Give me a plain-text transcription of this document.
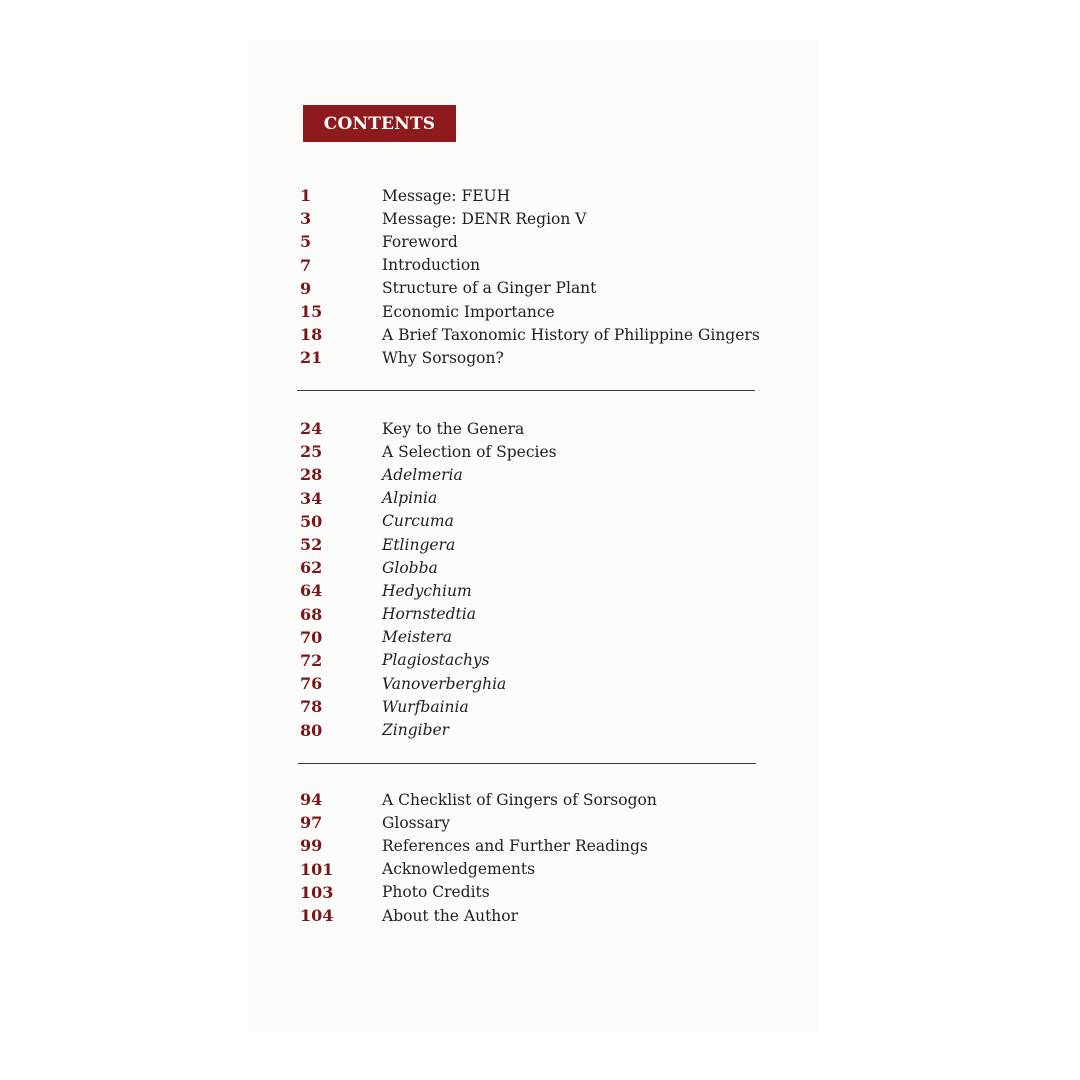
CONTENTS
1	Message: FEUH
3	Message: DENR Region V
5	Foreword
7	Introduction
9	Structure of a Ginger Plant
15	Economic Importance
18	A Brief Taxonomic History of Philippine Gingers
21	Why Sorsogon?
24	Key to the Genera
25	A Selection of Species
28	Adelmeria
34	Alpinia
50	Curcuma
52	Etlingera
62	Globba
64	Hedychium
68	Hornstedtia
70	Meistera
72	Plagiostachys
76	Vanoverberghia
78	Wurfbainia
80	Zingiber
94	A Checklist of Gingers of Sorsogon
97	Glossary
99	References and Further Readings
101	Acknowledgements
103	Photo Credits
104	About the Author
